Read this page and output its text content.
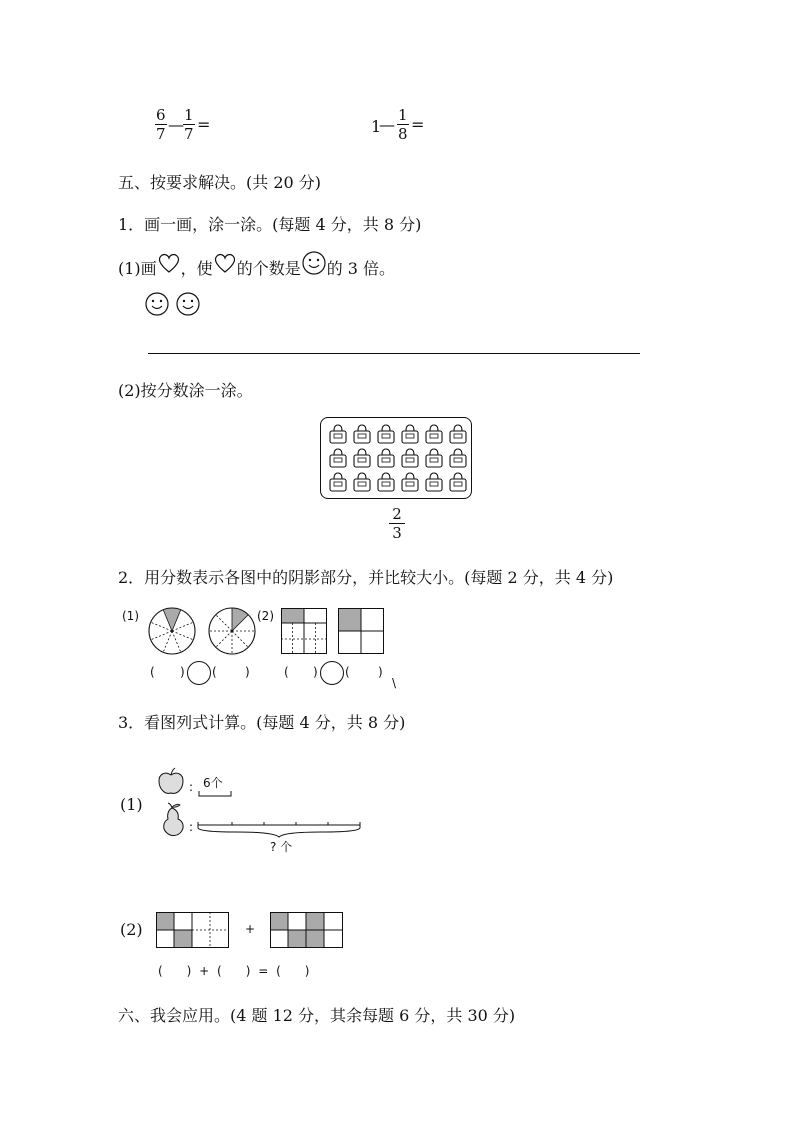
$\frac{6}{7}$ — $\frac{1}{7}$ =	1
— $\frac{1}{8}$ =
五、按要求解决。(共 20 分)
1．画一画，涂一涂。(每题 4 分，共 8 分)
(1)画 ，使 的个数是 的 3 倍。
(2)按分数涂一涂。
$\frac{2}{3}$
2．用分数表示各图中的阴影部分，并比较大小。(每题 2 分，共 4 分)
(1)	(2)
( ) ( )	( ) ( )
\
3．看图列式计算。(每题 4 分，共 8 分)
(1)
: 6个
:
? 个
(2)	+
(　　) + (　　) = (　　)
六、我会应用。(4 题 12 分，其余每题 6 分，共 30 分)
